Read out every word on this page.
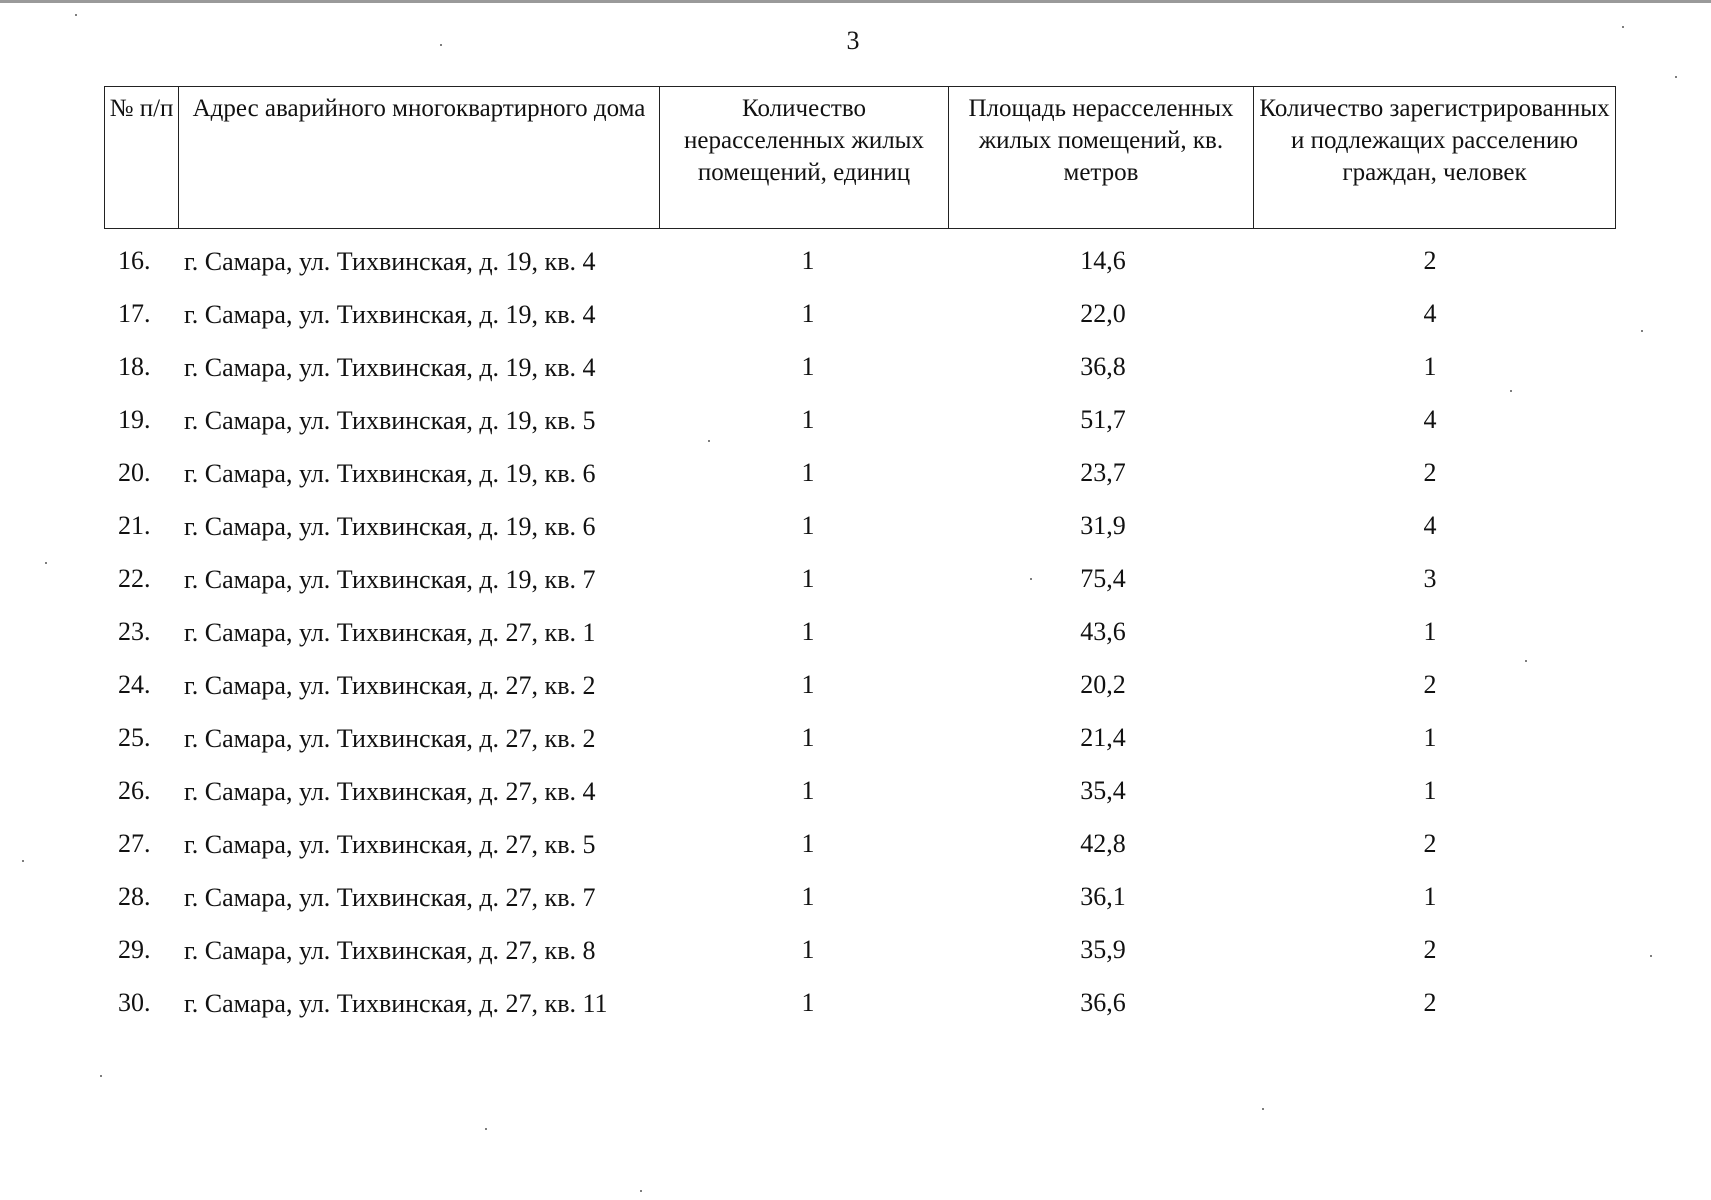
3
№ п/п	Адрес аварийного многоквартирного дома	Количество нерасселенных жилых помещений, единиц	Площадь нерасселенных жилых помещений, кв. метров	Количество зарегистрированных и подлежащих расселению граждан, человек
16. г. Самара, ул. Тихвинская, д. 19, кв. 4	1	14,6	2
17. г. Самара, ул. Тихвинская, д. 19, кв. 4	1	22,0	4
18. г. Самара, ул. Тихвинская, д. 19, кв. 4	1	36,8	1
19. г. Самара, ул. Тихвинская, д. 19, кв. 5	1	51,7	4
20. г. Самара, ул. Тихвинская, д. 19, кв. 6	1	23,7	2
21. г. Самара, ул. Тихвинская, д. 19, кв. 6	1	31,9	4
22. г. Самара, ул. Тихвинская, д. 19, кв. 7	1	75,4	3
23. г. Самара, ул. Тихвинская, д. 27, кв. 1	1	43,6	1
24. г. Самара, ул. Тихвинская, д. 27, кв. 2	1	20,2	2
25. г. Самара, ул. Тихвинская, д. 27, кв. 2	1	21,4	1
26. г. Самара, ул. Тихвинская, д. 27, кв. 4	1	35,4	1
27. г. Самара, ул. Тихвинская, д. 27, кв. 5	1	42,8	2
28. г. Самара, ул. Тихвинская, д. 27, кв. 7	1	36,1	1
29. г. Самара, ул. Тихвинская, д. 27, кв. 8	1	35,9	2
30. г. Самара, ул. Тихвинская, д. 27, кв. 11	1	36,6	2
